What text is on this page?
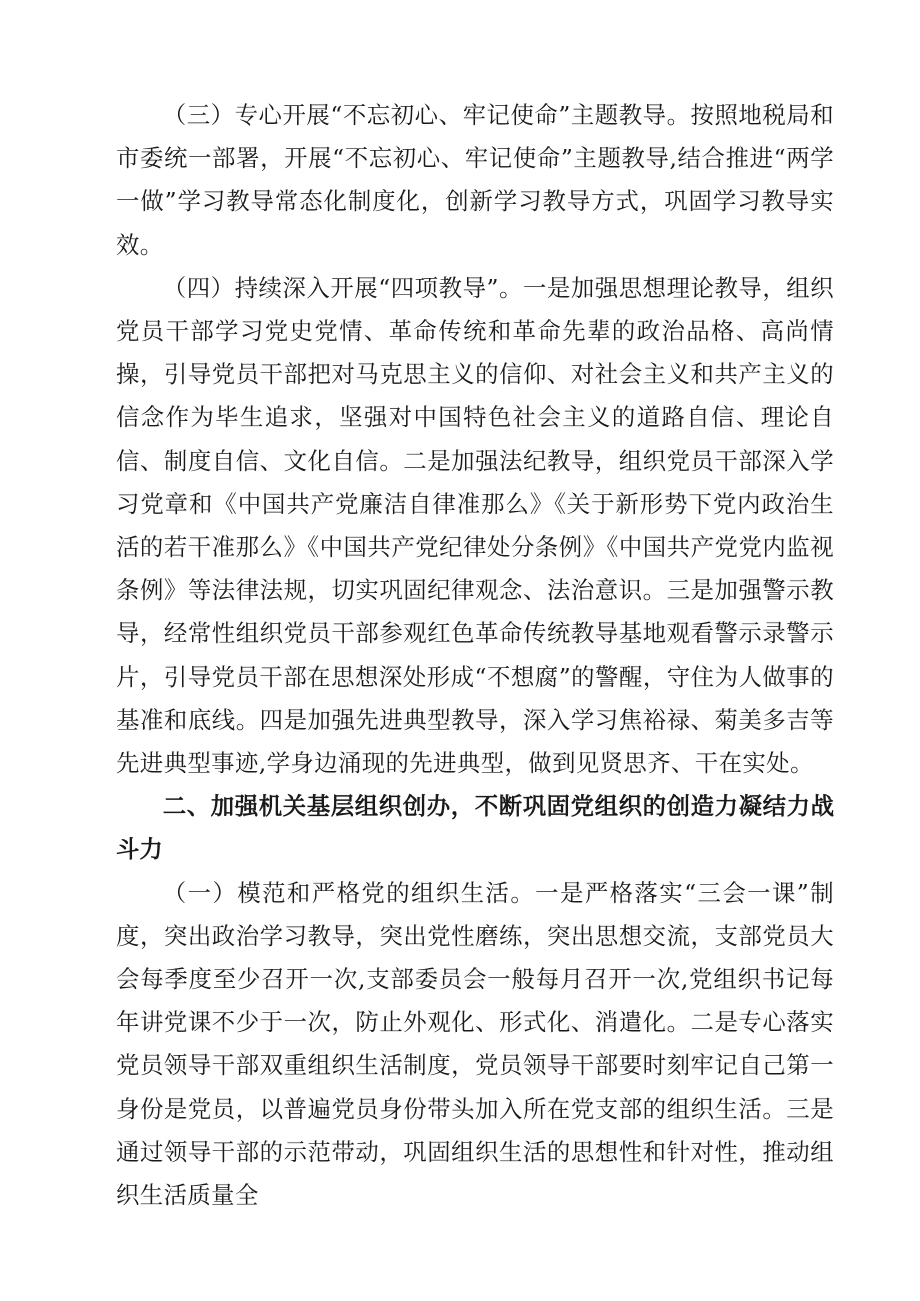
（三）专心开展“不忘初心、牢记使命”主题教导。按照地税局和市委统一部署，开展“不忘初心、牢记使命”主题教导,结合推进“两学一做”学习教导常态化制度化，创新学习教导方式，巩固学习教导实效。

（四）持续深入开展“四项教导”。一是加强思想理论教导，组织党员干部学习党史党情、革命传统和革命先辈的政治品格、高尚情操，引导党员干部把对马克思主义的信仰、对社会主义和共产主义的信念作为毕生追求，坚强对中国特色社会主义的道路自信、理论自信、制度自信、文化自信。二是加强法纪教导，组织党员干部深入学习党章和《中国共产党廉洁自律准那么》《关于新形势下党内政治生活的若干准那么》《中国共产党纪律处分条例》《中国共产党党内监视条例》等法律法规，切实巩固纪律观念、法治意识。三是加强警示教导，经常性组织党员干部参观红色革命传统教导基地观看警示录警示片，引导党员干部在思想深处形成“不想腐”的警醒，守住为人做事的基准和底线。四是加强先进典型教导，深入学习焦裕禄、菊美多吉等先进典型事迹,学身边涌现的先进典型，做到见贤思齐、干在实处。

二、加强机关基层组织创办，不断巩固党组织的创造力凝结力战斗力

（一）模范和严格党的组织生活。一是严格落实“三会一课”制度，突出政治学习教导，突出党性磨练，突出思想交流，支部党员大会每季度至少召开一次,支部委员会一般每月召开一次,党组织书记每年讲党课不少于一次，防止外观化、形式化、消遣化。二是专心落实党员领导干部双重组织生活制度，党员领导干部要时刻牢记自己第一身份是党员，以普遍党员身份带头加入所在党支部的组织生活。三是通过领导干部的示范带动，巩固组织生活的思想性和针对性，推动组织生活质量全
